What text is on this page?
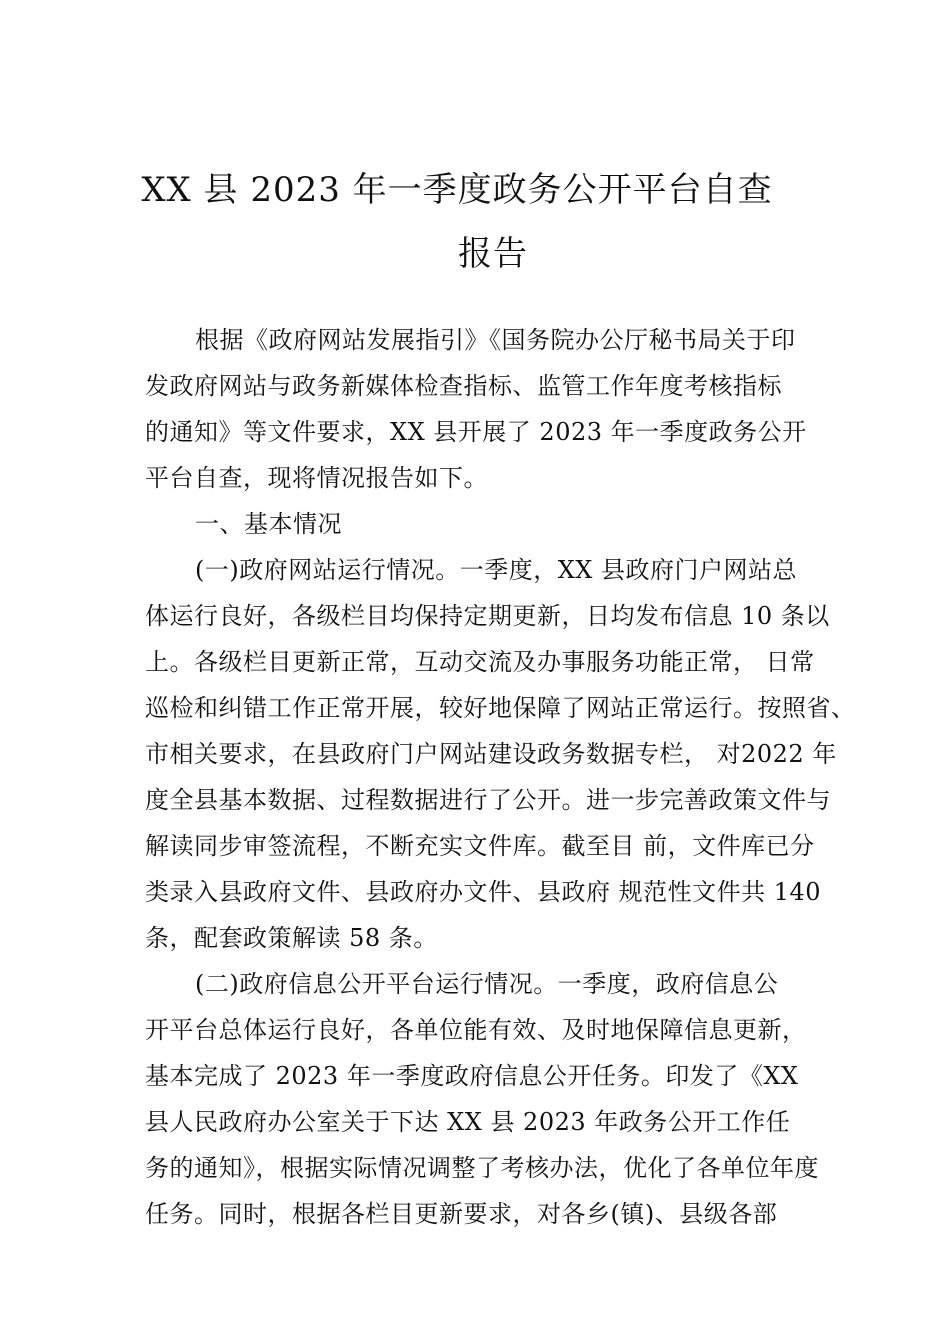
XX 县 2023 年一季度政务公开平台自查
报告
根据《政府网站发展指引》《国务院办公厅秘书局关于印
发政府网站与政务新媒体检查指标、监管工作年度考核指标
的通知》等文件要求，XX 县开展了 2023 年一季度政务公开
平台自查，现将情况报告如下。
一、基本情况
(一)政府网站运行情况。一季度，XX 县政府门户网站总
体运行良好，各级栏目均保持定期更新，日均发布信息 10 条以
上。各级栏目更新正常，互动交流及办事服务功能正常， 日常
巡检和纠错工作正常开展，较好地保障了网站正常运行。按照省、
市相关要求，在县政府门户网站建设政务数据专栏， 对2022 年
度全县基本数据、过程数据进行了公开。进一步完善政策文件与
解读同步审签流程，不断充实文件库。截至目 前，文件库已分
类录入县政府文件、县政府办文件、县政府 规范性文件共 140
条，配套政策解读 58 条。
(二)政府信息公开平台运行情况。一季度，政府信息公
开平台总体运行良好，各单位能有效、及时地保障信息更新，
基本完成了 2023 年一季度政府信息公开任务。印发了《XX
县人民政府办公室关于下达 XX 县 2023 年政务公开工作任
务的通知》，根据实际情况调整了考核办法，优化了各单位年度
任务。同时，根据各栏目更新要求，对各乡(镇)、县级各部
